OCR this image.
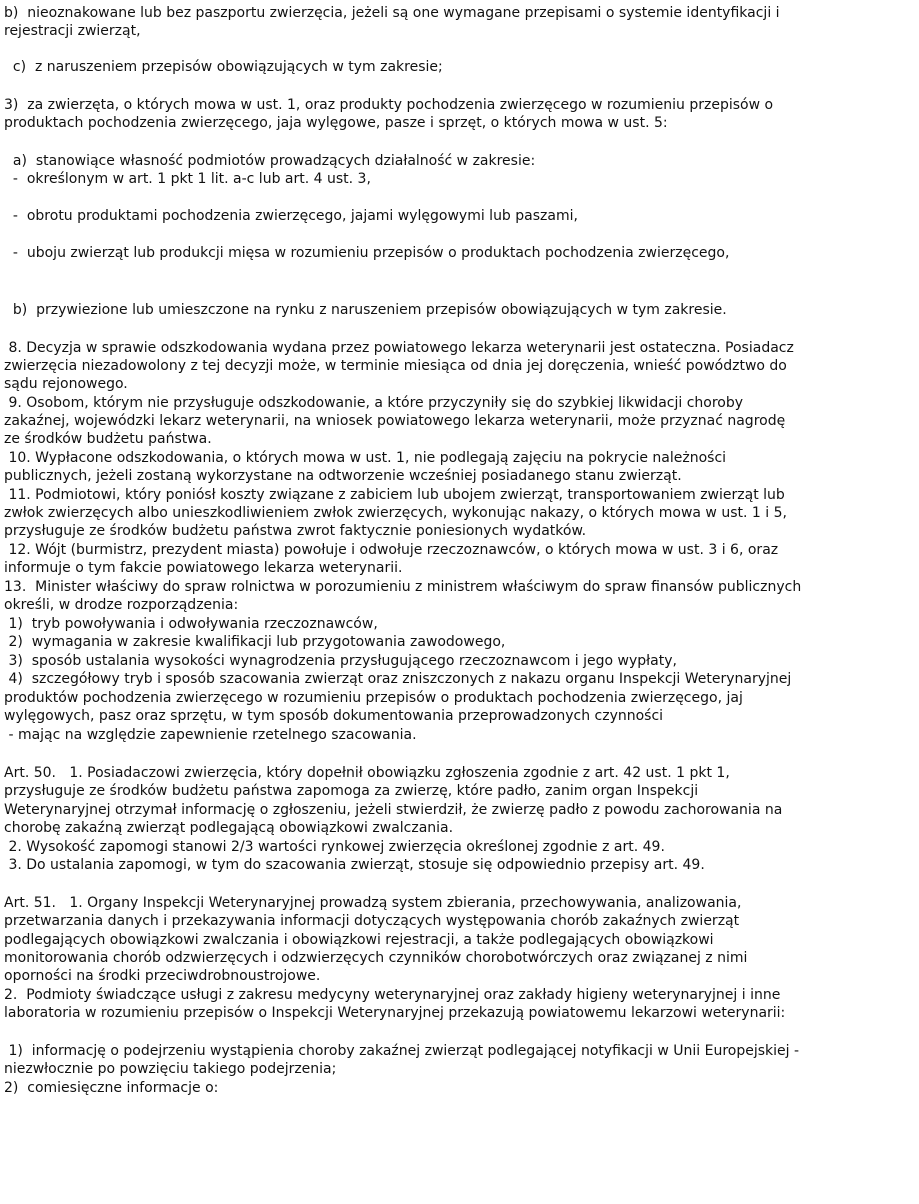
b)  nieoznakowane lub bez paszportu zwierzęcia, jeżeli są one wymagane przepisami o systemie identyfikacji i

rejestracji zwierząt,

c)  z naruszeniem przepisów obowiązujących w tym zakresie;

3)  za zwierzęta, o których mowa w ust. 1, oraz produkty pochodzenia zwierzęcego w rozumieniu przepisów o

produktach pochodzenia zwierzęcego, jaja wylęgowe, pasze i sprzęt, o których mowa w ust. 5:

a)  stanowiące własność podmiotów prowadzących działalność w zakresie:

-  określonym w art. 1 pkt 1 lit. a-c lub art. 4 ust. 3,

-  obrotu produktami pochodzenia zwierzęcego, jajami wylęgowymi lub paszami,

-  uboju zwierząt lub produkcji mięsa w rozumieniu przepisów o produktach pochodzenia zwierzęcego,

b)  przywiezione lub umieszczone na rynku z naruszeniem przepisów obowiązujących w tym zakresie.

8. Decyzja w sprawie odszkodowania wydana przez powiatowego lekarza weterynarii jest ostateczna. Posiadacz

zwierzęcia niezadowolony z tej decyzji może, w terminie miesiąca od dnia jej doręczenia, wnieść powództwo do

sądu rejonowego.

9. Osobom, którym nie przysługuje odszkodowanie, a które przyczyniły się do szybkiej likwidacji choroby

zakaźnej, wojewódzki lekarz weterynarii, na wniosek powiatowego lekarza weterynarii, może przyznać nagrodę

ze środków budżetu państwa.

10. Wypłacone odszkodowania, o których mowa w ust. 1, nie podlegają zajęciu na pokrycie należności

publicznych, jeżeli zostaną wykorzystane na odtworzenie wcześniej posiadanego stanu zwierząt.

11. Podmiotowi, który poniósł koszty związane z zabiciem lub ubojem zwierząt, transportowaniem zwierząt lub

zwłok zwierzęcych albo unieszkodliwieniem zwłok zwierzęcych, wykonując nakazy, o których mowa w ust. 1 i 5,

przysługuje ze środków budżetu państwa zwrot faktycznie poniesionych wydatków.

12. Wójt (burmistrz, prezydent miasta) powołuje i odwołuje rzeczoznawców, o których mowa w ust. 3 i 6, oraz

informuje o tym fakcie powiatowego lekarza weterynarii.

13.  Minister właściwy do spraw rolnictwa w porozumieniu z ministrem właściwym do spraw finansów publicznych

określi, w drodze rozporządzenia:

1)  tryb powoływania i odwoływania rzeczoznawców,

2)  wymagania w zakresie kwalifikacji lub przygotowania zawodowego,

3)  sposób ustalania wysokości wynagrodzenia przysługującego rzeczoznawcom i jego wypłaty,

4)  szczegółowy tryb i sposób szacowania zwierząt oraz zniszczonych z nakazu organu Inspekcji Weterynaryjnej

produktów pochodzenia zwierzęcego w rozumieniu przepisów o produktach pochodzenia zwierzęcego, jaj

wylęgowych, pasz oraz sprzętu, w tym sposób dokumentowania przeprowadzonych czynności

- mając na względzie zapewnienie rzetelnego szacowania.

Art. 50.   1. Posiadaczowi zwierzęcia, który dopełnił obowiązku zgłoszenia zgodnie z art. 42 ust. 1 pkt 1,

przysługuje ze środków budżetu państwa zapomoga za zwierzę, które padło, zanim organ Inspekcji

Weterynaryjnej otrzymał informację o zgłoszeniu, jeżeli stwierdził, że zwierzę padło z powodu zachorowania na

chorobę zakaźną zwierząt podlegającą obowiązkowi zwalczania.

2. Wysokość zapomogi stanowi 2/3 wartości rynkowej zwierzęcia określonej zgodnie z art. 49.

3. Do ustalania zapomogi, w tym do szacowania zwierząt, stosuje się odpowiednio przepisy art. 49.

Art. 51.   1. Organy Inspekcji Weterynaryjnej prowadzą system zbierania, przechowywania, analizowania,

przetwarzania danych i przekazywania informacji dotyczących występowania chorób zakaźnych zwierząt

podlegających obowiązkowi zwalczania i obowiązkowi rejestracji, a także podlegających obowiązkowi

monitorowania chorób odzwierzęcych i odzwierzęcych czynników chorobotwórczych oraz związanej z nimi

oporności na środki przeciwdrobnoustrojowe.

2.  Podmioty świadczące usługi z zakresu medycyny weterynaryjnej oraz zakłady higieny weterynaryjnej i inne

laboratoria w rozumieniu przepisów o Inspekcji Weterynaryjnej przekazują powiatowemu lekarzowi weterynarii:

1)  informację o podejrzeniu wystąpienia choroby zakaźnej zwierząt podlegającej notyfikacji w Unii Europejskiej -

niezwłocznie po powzięciu takiego podejrzenia;

2)  comiesięczne informacje o:
